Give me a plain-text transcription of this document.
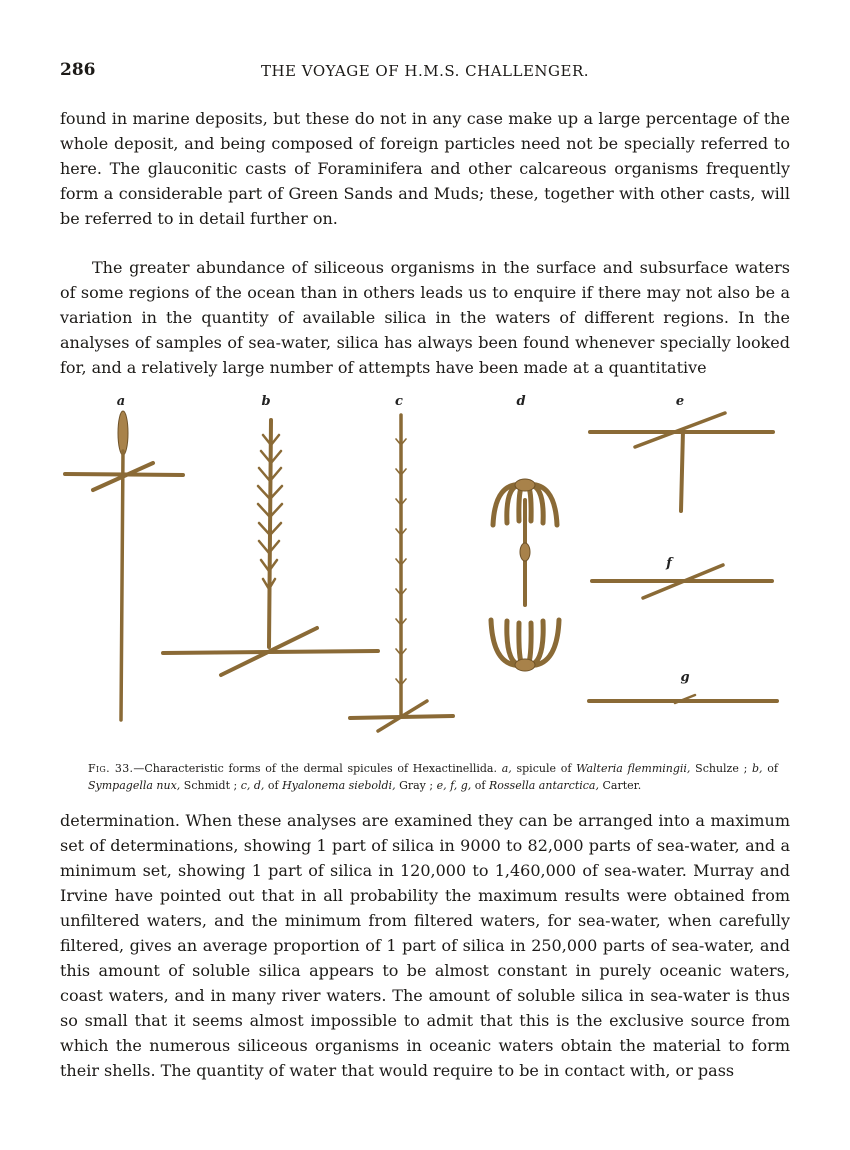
286	THE VOYAGE OF H.M.S. CHALLENGER.

found in marine deposits, but these do not in any case make up a large percentage of the whole deposit, and being composed of foreign particles need not be specially referred to here. The glauconitic casts of Foraminifera and other calcareous organisms frequently form a considerable part of Green Sands and Muds; these, together with other casts, will be referred to in detail further on.

The greater abundance of siliceous organisms in the surface and subsurface waters of some regions of the ocean than in others leads us to enquire if there may not also be a variation in the quantity of available silica in the waters of different regions. In the analyses of samples of sea-water, silica has always been found whenever specially looked for, and a relatively large number of attempts have been made at a quantitative

a	b	c	d	e
f
g
Fig. 33.—Characteristic forms of the dermal spicules of Hexactinellida. a, spicule of Walteria flemmingii, Schulze ; b, of Sympagella nux, Schmidt ; c, d, of Hyalonema sieboldi, Gray ; e, f, g, of Rossella antarctica, Carter.

determination. When these analyses are examined they can be arranged into a maximum set of determinations, showing 1 part of silica in 9000 to 82,000 parts of sea-water, and a minimum set, showing 1 part of silica in 120,000 to 1,460,000 of sea-water. Murray and Irvine have pointed out that in all probability the maximum results were obtained from unfiltered waters, and the minimum from filtered waters, for sea-water, when carefully filtered, gives an average proportion of 1 part of silica in 250,000 parts of sea-water, and this amount of soluble silica appears to be almost constant in purely oceanic waters, coast waters, and in many river waters. The amount of soluble silica in sea-water is thus so small that it seems almost impossible to admit that this is the exclusive source from which the numerous siliceous organisms in oceanic waters obtain the material to form their shells. The quantity of water that would require to be in contact with, or pass
